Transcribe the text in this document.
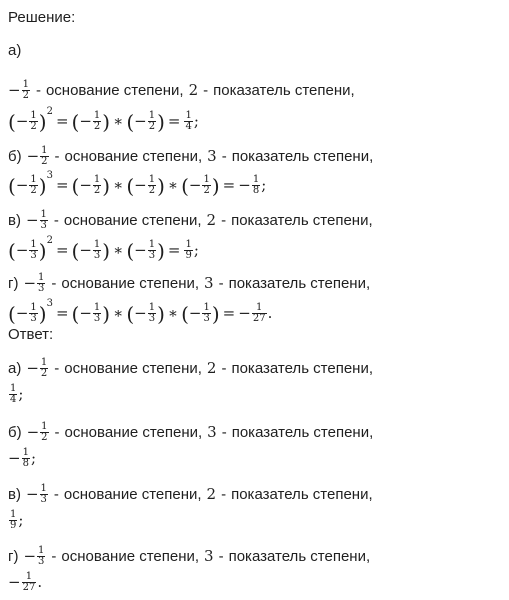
Решение:
а)
− $\frac{1}{2}$ - основание степени, 2 - показатель степени,
( − $\frac{1}{2}$ ) 2
= ( − $\frac{1}{2}$ ) ∗ ( − $\frac{1}{2}$ ) = $\frac{1}{4}$ ;
$б) - \frac{1}{2}$ - основание степени, 3 - показатель степени,
( − $\frac{1}{2}$ ) 3
= ( − $\frac{1}{2}$ ) ∗ ( − $\frac{1}{2}$ ) ∗ ( − $\frac{1}{2}$ ) = − $\frac{1}{8}$ ;
$в) - \frac{1}{3}$ - основание степени, 2 - показатель степени,
( − $\frac{1}{3}$ ) 2
= ( − $\frac{1}{3}$ ) ∗ ( − $\frac{1}{3}$ ) = $\frac{1}{9}$ ;
$г) - \frac{1}{3}$ - основание степени, 3 - показатель степени,
( − $\frac{1}{3}$ ) 3
= ( − $\frac{1}{3}$ ) ∗ ( − $\frac{1}{3}$ ) ∗ ( − $\frac{1}{3}$ ) = − $\frac{1}{27}$ .
Ответ:
$а) - \frac{1}{2}$ - основание степени, 2 - показатель степени,
$\frac{1}{4}$ ;
$б) - \frac{1}{2}$ - основание степени, 3 - показатель степени,
− $\frac{1}{8}$ ;
$в) - \frac{1}{3}$ - основание степени, 2 - показатель степени,
$\frac{1}{9}$ ;
$г) - \frac{1}{3}$ - основание степени, 3 - показатель степени,
− $\frac{1}{27}$ .
